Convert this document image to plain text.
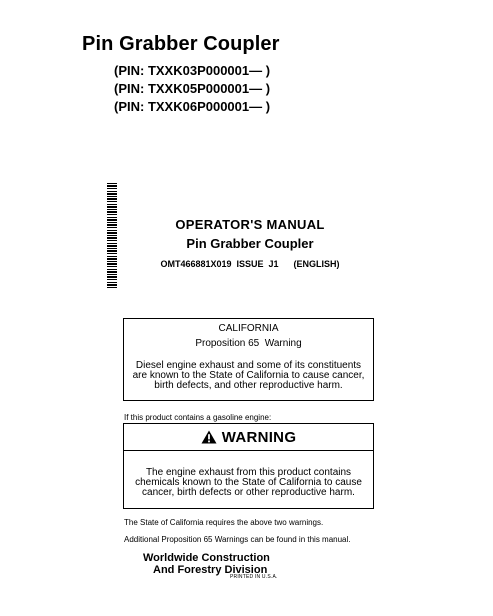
Pin Grabber Coupler
(PIN: TXXK03P000001— )
(PIN: TXXK05P000001— )
(PIN: TXXK06P000001— )
OPERATOR'S MANUAL
Pin Grabber Coupler
OMT466881X019  ISSUE  J1      (ENGLISH)
CALIFORNIA
Proposition 65  Warning
Diesel engine exhaust and some of its constituents are known to the State of California to cause cancer, birth defects, and other reproductive harm.
If this product contains a gasoline engine:
WARNING
The engine exhaust from this product contains chemicals known to the State of California to cause cancer, birth defects or other reproductive harm.
The State of California requires the above two warnings.
Additional Proposition 65 Warnings can be found in this manual.
Worldwide Construction
And Forestry Division
PRINTED IN U.S.A.
